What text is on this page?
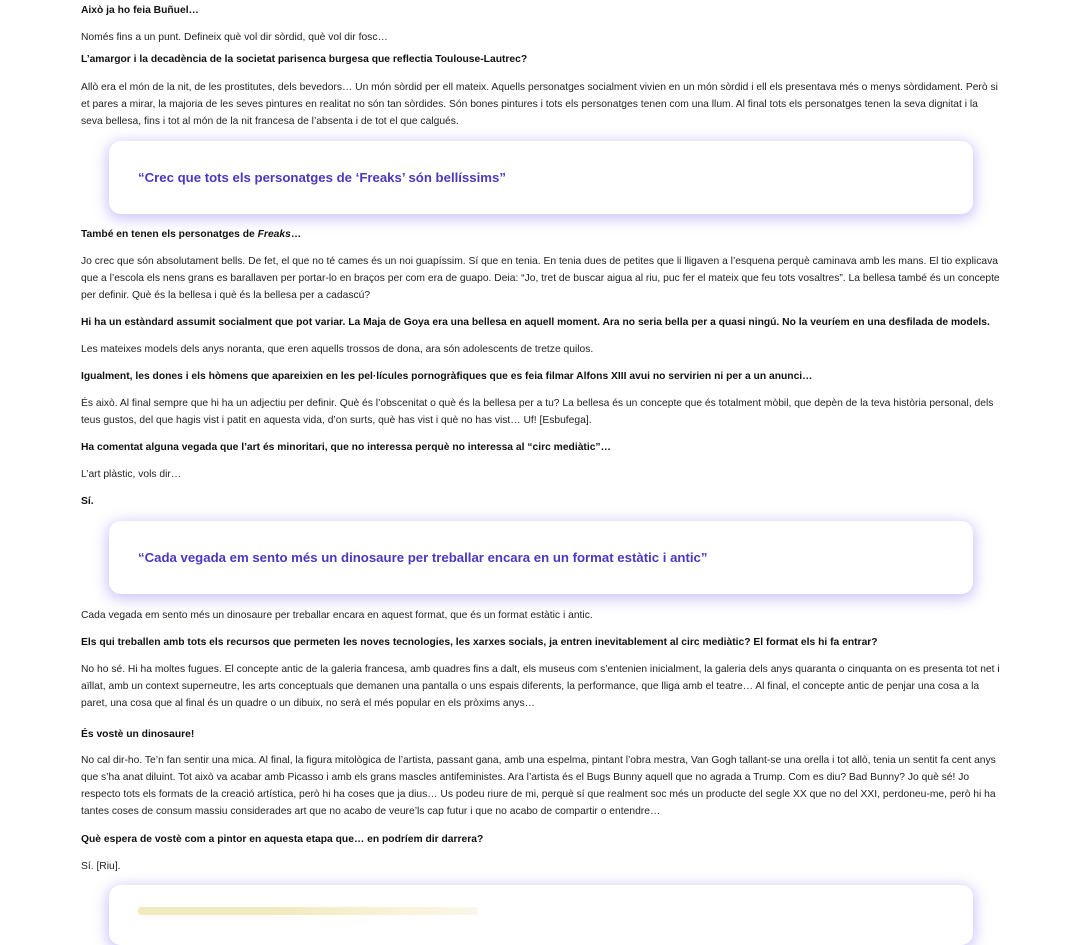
Això ja ho feia Buñuel…

Només fins a un punt. Defineix què vol dir sòrdid, què vol dir fosc…

L’amargor i la decadència de la societat parisenca burgesa que reflectia Toulouse-Lautrec?

Allò era el món de la nit, de les prostitutes, dels bevedors… Un món sòrdid per ell mateix. Aquells personatges socialment vivien en un món sòrdid i ell els presentava més o menys sòrdidament. Però si et pares a mirar, la majoria de les seves pintures en realitat no són tan sòrdides. Són bones pintures i tots els personatges tenen com una llum. Al final tots els personatges tenen la seva dignitat i la seva bellesa, fins i tot al món de la nit francesa de l’absenta i de tot el que calgués.

“Crec que tots els personatges de ‘Freaks’ són bellíssims”

També en tenen els personatges de Freaks…

Jo crec que són absolutament bells. De fet, el que no té cames és un noi guapíssim. Sí que en tenia. En tenia dues de petites que li lligaven a l’esquena perquè caminava amb les mans. El tio explicava que a l’escola els nens grans es barallaven per portar-lo en braços per com era de guapo. Deia: “Jo, tret de buscar aigua al riu, puc fer el mateix que feu tots vosaltres”. La bellesa també és un concepte per definir. Què és la bellesa i què és la bellesa per a cadascú?

Hi ha un estàndard assumit socialment que pot variar. La Maja de Goya era una bellesa en aquell moment. Ara no seria bella per a quasi ningú. No la veuríem en una desfilada de models.

Les mateixes models dels anys noranta, que eren aquells trossos de dona, ara són adolescents de tretze quilos.

Igualment, les dones i els hòmens que apareixien en les pel·lícules pornogràfiques que es feia filmar Alfons XIII avui no servirien ni per a un anunci…

És això. Al final sempre que hi ha un adjectiu per definir. Què és l’obscenitat o què és la bellesa per a tu? La bellesa és un concepte que és totalment mòbil, que depèn de la teva història personal, dels teus gustos, del que hagis vist i patit en aquesta vida, d’on surts, què has vist i què no has vist… Uf! [Esbufega].

Ha comentat alguna vegada que l’art és minoritari, que no interessa perquè no interessa al “circ mediàtic”…

L’art plàstic, vols dir…

Sí.

“Cada vegada em sento més un dinosaure per treballar encara en un format estàtic i antic”

Cada vegada em sento més un dinosaure per treballar encara en aquest format, que és un format estàtic i antic.

Els qui treballen amb tots els recursos que permeten les noves tecnologies, les xarxes socials, ja entren inevitablement al circ mediàtic? El format els hi fa entrar?

No ho sé. Hi ha moltes fugues. El concepte antic de la galeria francesa, amb quadres fins a dalt, els museus com s’entenien inicialment, la galeria dels anys quaranta o cinquanta on es presenta tot net i aïllat, amb un context superneutre, les arts conceptuals que demanen una pantalla o uns espais diferents, la performance, que lliga amb el teatre… Al final, el concepte antic de penjar una cosa a la paret, una cosa que al final és un quadre o un dibuix, no serà el més popular en els pròxims anys…

És vostè un dinosaure!

No cal dir-ho. Te’n fan sentir una mica. Al final, la figura mitològica de l’artista, passant gana, amb una espelma, pintant l’obra mestra, Van Gogh tallant-se una orella i tot allò, tenia un sentit fa cent anys que s’ha anat diluint. Tot això va acabar amb Picasso i amb els grans mascles antifeministes. Ara l’artista és el Bugs Bunny aquell que no agrada a Trump. Com es diu? Bad Bunny? Jo què sé! Jo respecto tots els formats de la creació artística, però hi ha coses que ja dius… Us podeu riure de mi, perquè sí que realment soc més un producte del segle XX que no del XXI, perdoneu-me, però hi ha tantes coses de consum massiu considerades art que no acabo de veure’ls cap futur i que no acabo de compartir o entendre…

Què espera de vostè com a pintor en aquesta etapa que… en podríem dir darrera?

Sí. [Riu].
